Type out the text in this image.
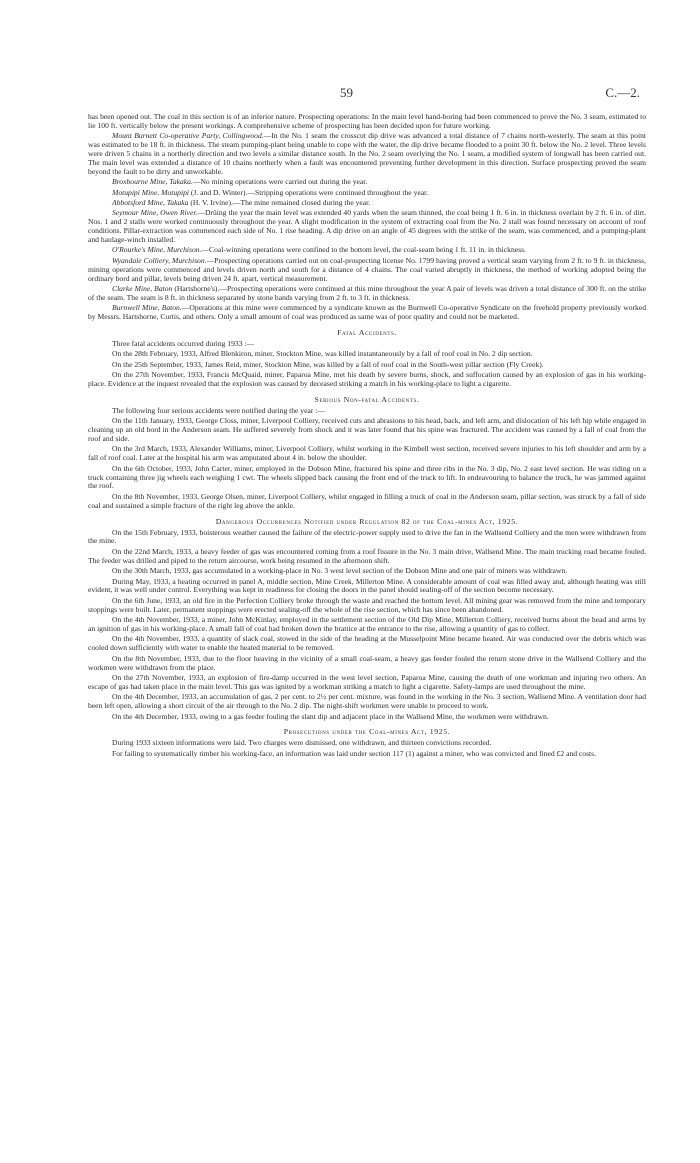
59	C.—2.

has been opened out. The coal in this section is of an inferior nature. Prospecting operations: In the main level hand-boring had been commenced to prove the No. 3 seam, estimated to lie 100 ft. vertically below the present workings. A comprehensive scheme of prospecting has been decided upon for future working.

Mount Burnett Co-operative Party, Collingwood.—In the No. 1 seam the crosscut dip drive was advanced a total distance of 7 chains north-westerly. The seam at this point was estimated to be 18 ft. in thickness. The steam pumping-plant being unable to cope with the water, the dip drive became flooded to a point 30 ft. below the No. 2 level. Three levels were driven 5 chains in a northerly direction and two levels a similar distance south. In the No. 2 seam overlying the No. 1 seam, a modified system of longwall has been carried out. The main level was extended a distance of 10 chains northerly when a fault was encountered preventing further development in this direction. Surface prospecting proved the seam beyond the fault to be dirty and unworkable.

Broxbourne Mine, Takaka.—No mining operations were carried out during the year.

Motupipi Mine, Motupipi (J. and D. Winter).—Stripping operations were continued throughout the year.

Abbotsford Mine, Takaka (H. V. Irvine).—The mine remained closed during the year.

Seymour Mine, Owen River.—Drüing the year the main level was extended 40 yards when the seam thinned, the coal being 1 ft. 6 in. in thickness overlain by 2 ft. 6 in. of dirt. Nos. 1 and 2 stalls were worked continuously throughout the year. A slight modification in the system of extracting coal from the No. 2 stall was found necessary on account of roof conditions. Pillar-extraction was commenced each side of No. 1 rise heading. A dip drive on an angle of 45 degrees with the strike of the seam, was commenced, and a pumping-plant and haulage-winch installed.

O'Rourke's Mine, Murchison.—Coal-winning operations were confined to the bottom level, the coal-seam being 1 ft. 11 in. in thickness.

Wyandale Colliery, Murchison.—Prospecting operations carried out on coal-prospecting license No. 1799 having proved a vertical seam varying from 2 ft. to 9 ft. in thickness, mining operations were commenced and levels driven north and south for a distance of 4 chains. The coal varied abruptly in thickness, the method of working adopted being the ordinary bord and pillar, levels being driven 24 ft. apart, vertical measurement.

Clarke Mine, Baton (Hartshorne's).—Prospecting operations were continued at this mine throughout the year A pair of levels was driven a total distance of 300 ft. on the strike of the seam. The seam is 8 ft. in thickness separated by stone bands varying from 2 ft. to 3 ft. in thickness.

Burnwell Mine, Baton.—Operations at this mine were commenced by a syndicate known as the Burnwell Co-operative Syndicate on the freehold property previously worked by Messrs. Hartshorne, Curtis, and others. Only a small amount of coal was produced as same was of poor quality and could not be marketed.

Fatal Accidents.

Three fatal accidents occurred during 1933 :—

On the 28th February, 1933, Alfred Blenkiron, miner, Stockton Mine, was killed instantaneously by a fall of roof coal in No. 2 dip section.

On the 25th September, 1933, James Reid, miner, Stockton Mine, was killed by a fall of roof coal in the South-west pillar section (Fly Creek).

On the 27th November, 1933, Francis McQuaid, miner, Paparoa Mine, met his death by severe burns, shock, and suffocation caused by an explosion of gas in his working-place. Evidence at the inquest revealed that the explosion was caused by deceased striking a match in his working-place to light a cigarette.

Serious Non-fatal Accidents.

The following four serious accidents were notified during the year :—

On the 11th January, 1933, George Closs, miner, Liverpool Colliery, received cuts and abrasions to his head, back, and left arm, and dislocation of his left hip while engaged in cleaning up an old bord in the Anderson seam. He suffered severely from shock and it was later found that his spine was fractured. The accident was caused by a fall of coal from the roof and side.

On the 3rd March, 1933, Alexander Williams, miner, Liverpool Colliery, whilst working in the Kimbell west section, received severe injuries to his left shoulder and arm by a fall of roof coal. Later at the hospital his arm was amputated about 4 in. below the shoulder.

On the 6th October, 1933, John Carter, miner, employed in the Dobson Mine, fractured his spine and three ribs in the No. 3 dip, No. 2 east level section. He was riding on a truck containing three jig wheels each weighing 1 cwt. The wheels slipped back causing the front end of the truck to lift. In endeavouring to balance the truck, he was jammed against the roof.

On the 8th November, 1933, George Olsen, miner, Liverpool Colliery, whilst engaged in filling a truck of coal in the Anderson seam, pillar section, was struck by a fall of side coal and sustained a simple fracture of the right leg above the ankle.

Dangerous Occurrences Notified under Regulation 82 of the Coal-mines Act, 1925.

On the 15th February, 1933, boisterous weather caused the failure of the electric-power supply used to drive the fan in the Wallsend Colliery and the men were withdrawn from the mine.

On the 22nd March, 1933, a heavy feeder of gas was encountered coming from a roof fissure in the No. 3 main drive, Wallsend Mine. The main trucking road became fouled. The feeder was drilled and piped to the return aircourse, work being resumed in the afternoon shift.

On the 30th March, 1933, gas accumulated in a working-place in No. 3 west level section of the Dobson Mine and one pair of miners was withdrawn.

During May, 1933, a heating occurred in panel A, middle section, Mine Creek, Millerton Mine. A considerable amount of coal was filled away and, although heating was still evident, it was well under control. Everything was kept in readiness for closing the doors in the panel should sealing-off of the section become necessary.

On the 6th June, 1933, an old fire in the Perfection Colliery broke through the waste and reached the bottom level. All mining gear was removed from the mine and temporary stoppings were built. Later, permanent stoppings were erected sealing-off the whole of the rise section, which has since been abandoned.

On the 4th November, 1933, a miner, John McKinlay, employed in the settlement section of the Old Dip Mine, Millerton Colliery, received burns about the head and arms by an ignition of gas in his working-place. A small fall of coal had broken down the brattice at the entrance to the rise, allowing a quantity of gas to collect.

On the 4th November, 1933, a quantity of slack coal, stowed in the side of the heading at the Musselpoint Mine became heated. Air was conducted over the debris which was cooled down sufficiently with water to enable the heated material to be removed.

On the 8th November, 1933, due to the floor heaving in the vicinity of a small coal-seam, a heavy gas feeder fouled the return stone drive in the Wallsend Colliery and the workmen were withdrawn from the place.

On the 27th November, 1933, an explosion of fire-damp occurred in the west level section, Paparoa Mine, causing the death of one workman and injuring two others. An escape of gas had taken place in the main level. This gas was ignited by a workman striking a match to light a cigarette. Safety-lamps are used throughout the mine.

On the 4th December, 1933, an accumulation of gas, 2 per cent. to 2½ per cent. mixture, was found in the working in the No. 3 section, Wallsend Mine. A ventilation door had been left open, allowing a short circuit of the air through to the No. 2 dip. The night-shift workmen were unable to proceed to work.

On the 4th December, 1933, owing to a gas feeder fouling the slant dip and adjacent place in the Wallsend Mine, the workmen were withdrawn.

Prosecutions under the Coal-mines Act, 1925.

During 1933 sixteen informations were laid. Two charges were dismissed, one withdrawn, and thirteen convictions recorded.

For failing to systematically timber his working-face, an information was laid under section 117 (1) against a miner, who was convicted and fined £2 and costs.
